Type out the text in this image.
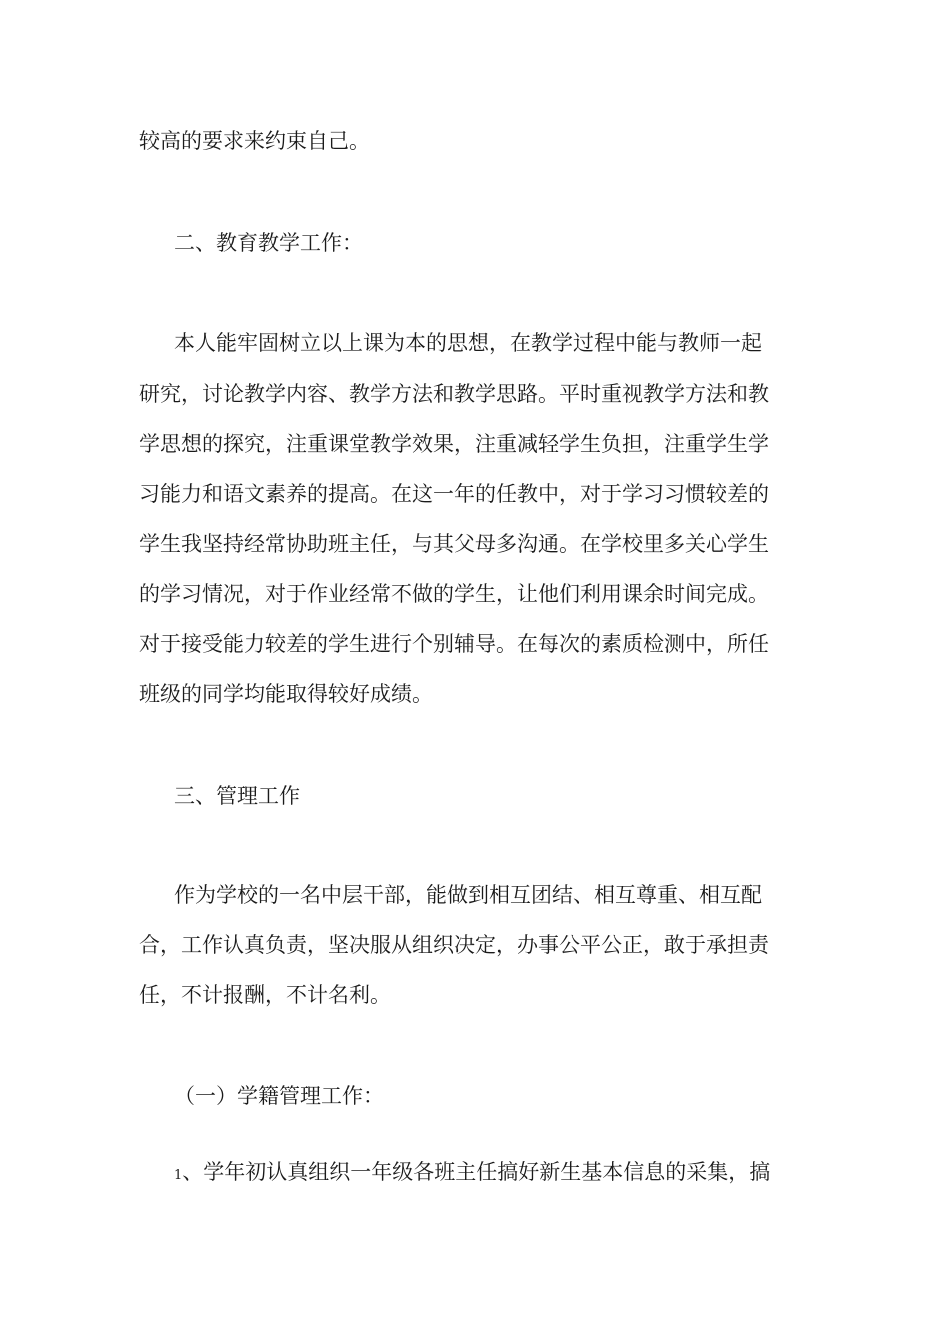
较高的要求来约束自己。
二、教育教学工作：
本人能牢固树立以上课为本的思想，在教学过程中能与教师一起
研究，讨论教学内容、教学方法和教学思路。平时重视教学方法和教
学思想的探究，注重课堂教学效果，注重减轻学生负担，注重学生学
习能力和语文素养的提高。在这一年的任教中，对于学习习惯较差的
学生我坚持经常协助班主任，与其父母多沟通。在学校里多关心学生
的学习情况，对于作业经常不做的学生，让他们利用课余时间完成。
对于接受能力较差的学生进行个别辅导。在每次的素质检测中，所任
班级的同学均能取得较好成绩。
三、管理工作
作为学校的一名中层干部，能做到相互团结、相互尊重、相互配
合，工作认真负责，坚决服从组织决定，办事公平公正，敢于承担责
任，不计报酬，不计名利。
（一）学籍管理工作：
1、学年初认真组织一年级各班主任搞好新生基本信息的采集，搞
